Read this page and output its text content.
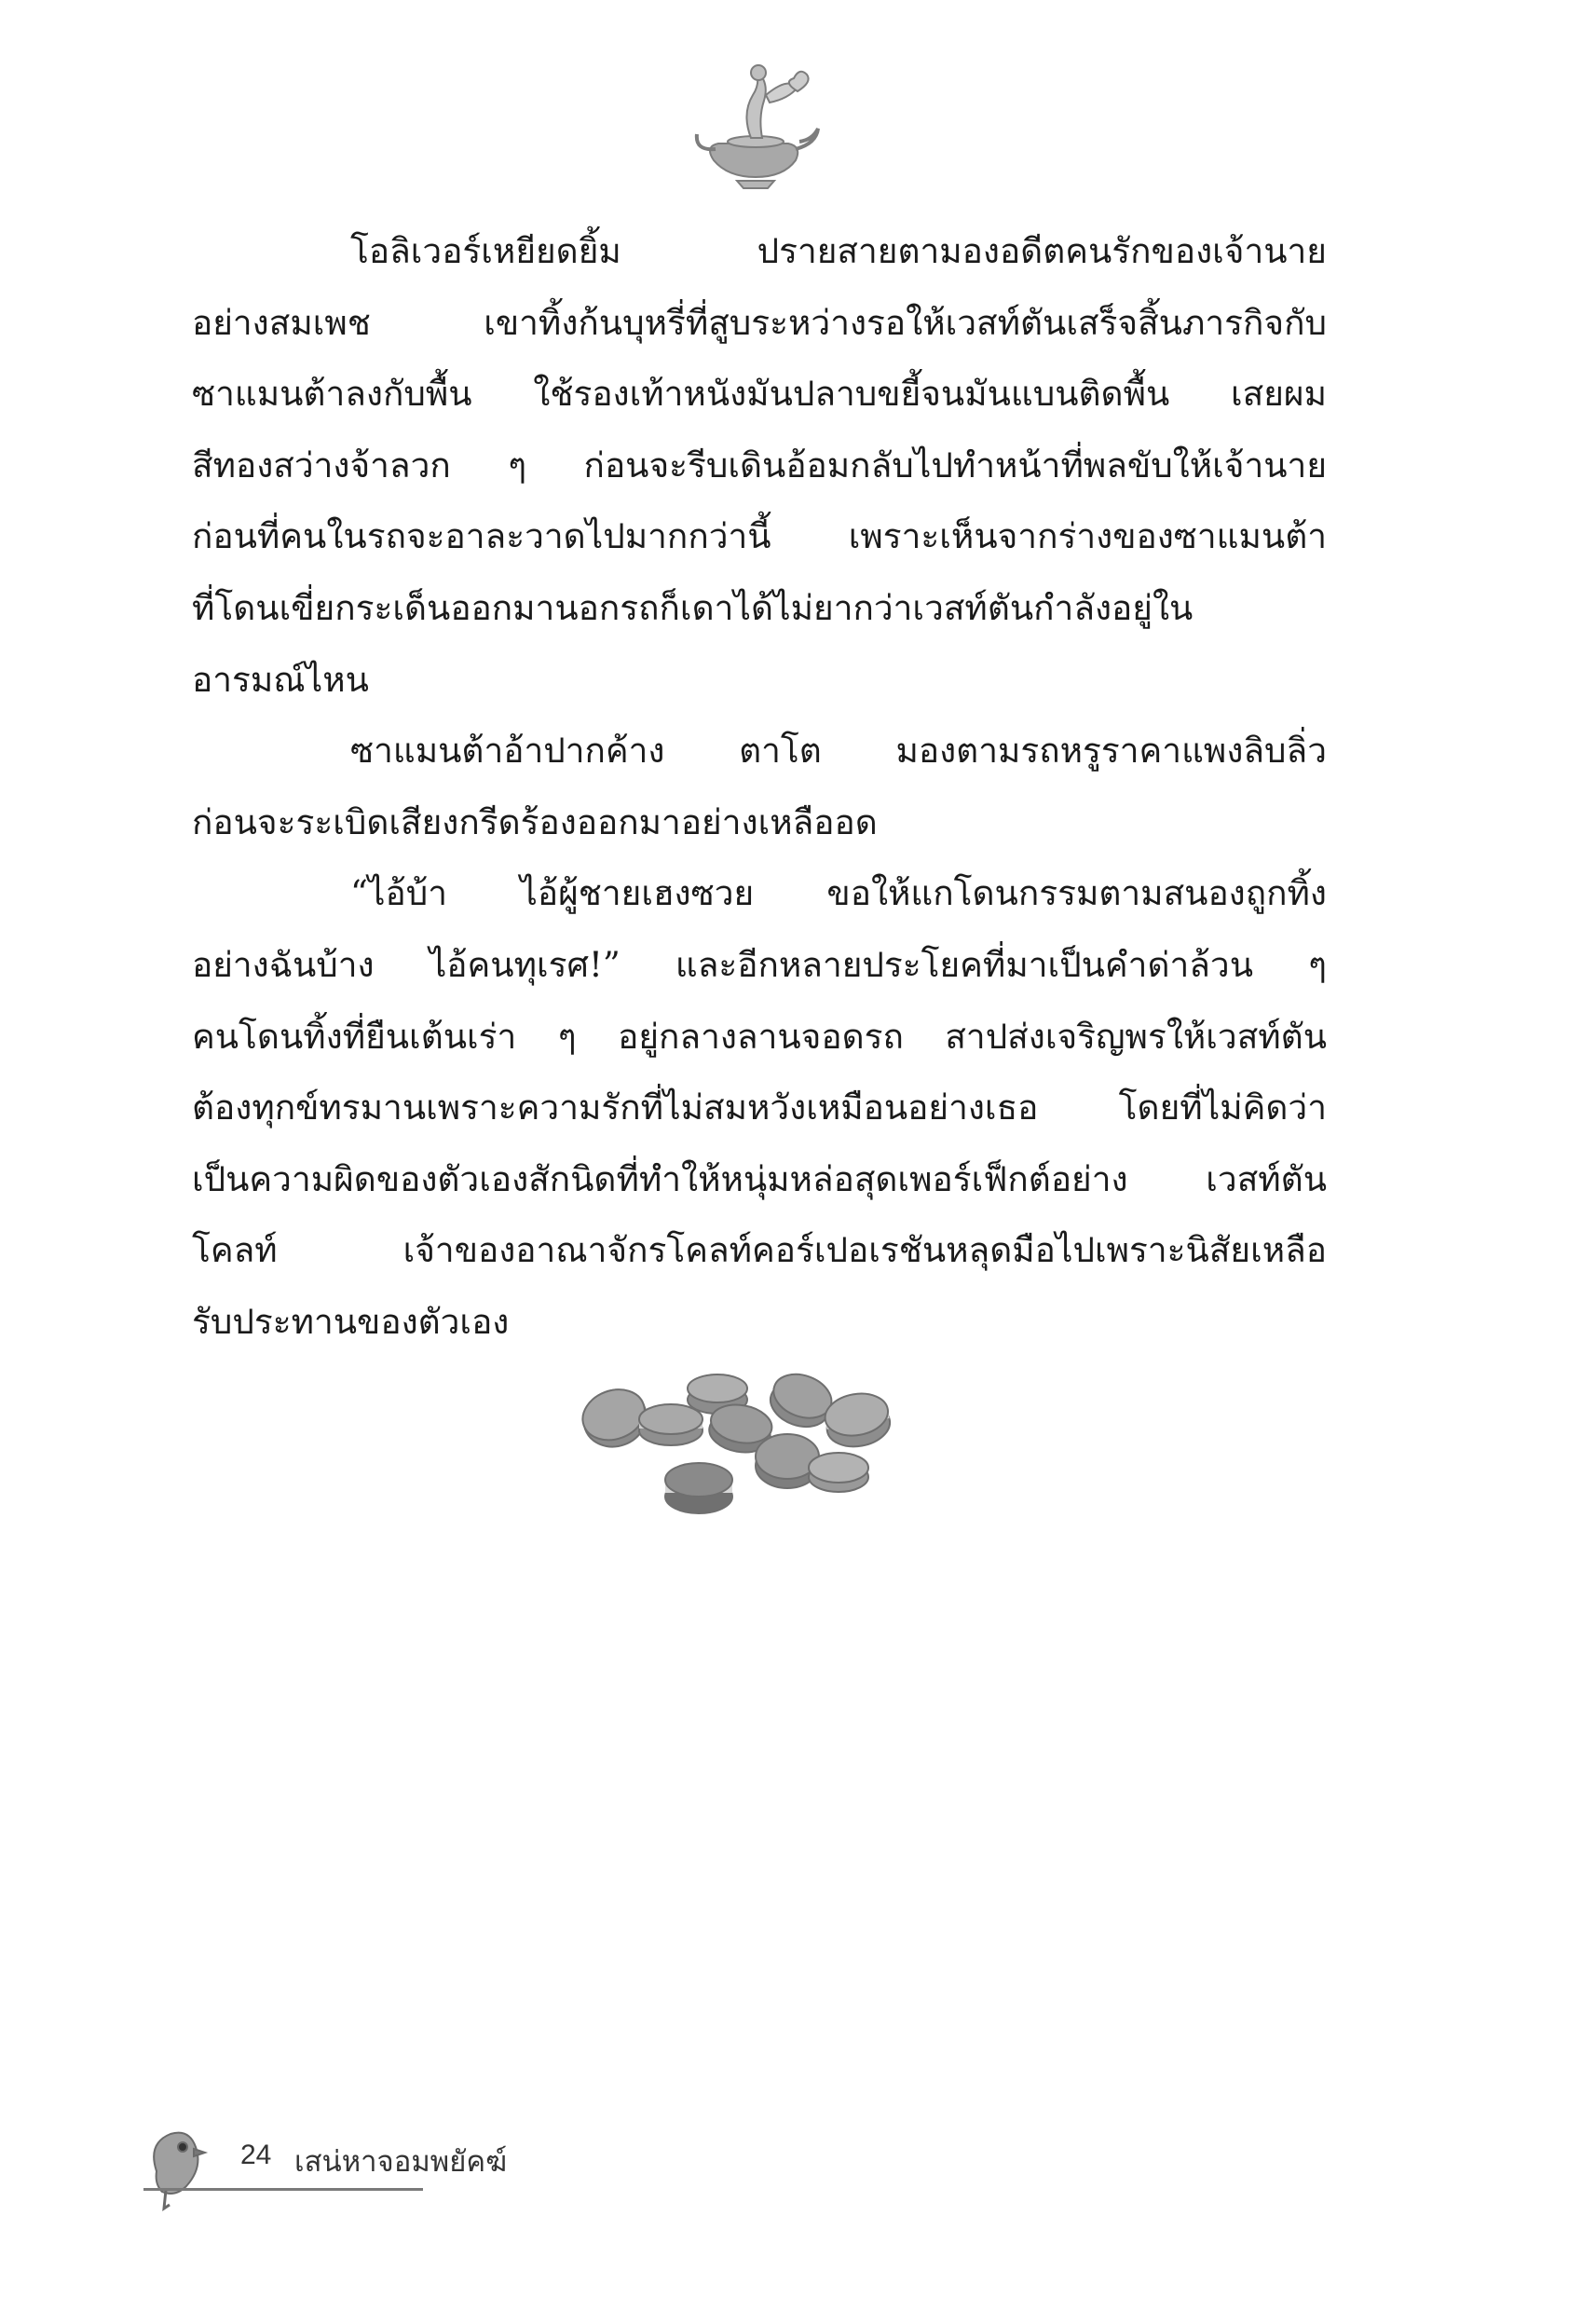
โอลิเวอร์เหยียดยิ้ม ปรายสายตามองอดีตคนรักของเจ้านาย
อย่างสมเพช เขาทิ้งก้นบุหรี่ที่สูบระหว่างรอให้เวสท์ตันเสร็จสิ้นภารกิจกับ
ซาแมนต้าลงกับพื้น ใช้รองเท้าหนังมันปลาบขยี้จนมันแบนติดพื้น เสยผม
สีทองสว่างจ้าลวก ๆ ก่อนจะรีบเดินอ้อมกลับไปทำหน้าที่พลขับให้เจ้านาย
ก่อนที่คนในรถจะอาละวาดไปมากกว่านี้ เพราะเห็นจากร่างของซาแมนต้า
ที่โดนเขี่ยกระเด็นออกมานอกรถก็เดาได้ไม่ยากว่าเวสท์ตันกำลังอยู่ใน
อารมณ์ไหน
ซาแมนต้าอ้าปากค้าง ตาโต มองตามรถหรูราคาแพงลิบลิ่ว
ก่อนจะระเบิดเสียงกรีดร้องออกมาอย่างเหลืออด
“ไอ้บ้า ไอ้ผู้ชายเฮงซวย ขอให้แกโดนกรรมตามสนองถูกทิ้ง
อย่างฉันบ้าง ไอ้คนทุเรศ!” และอีกหลายประโยคที่มาเป็นคำด่าล้วน ๆ
คนโดนทิ้งที่ยืนเต้นเร่า ๆ อยู่กลางลานจอดรถ สาปส่งเจริญพรให้เวสท์ตัน
ต้องทุกข์ทรมานเพราะความรักที่ไม่สมหวังเหมือนอย่างเธอ โดยที่ไม่คิดว่า
เป็นความผิดของตัวเองสักนิดที่ทำให้หนุ่มหล่อสุดเพอร์เฟ็กต์อย่าง เวสท์ตัน
โคลท์ เจ้าของอาณาจักรโคลท์คอร์เปอเรชันหลุดมือไปเพราะนิสัยเหลือ
รับประทานของตัวเอง
24 เสน่หาจอมพยัคฆ์
